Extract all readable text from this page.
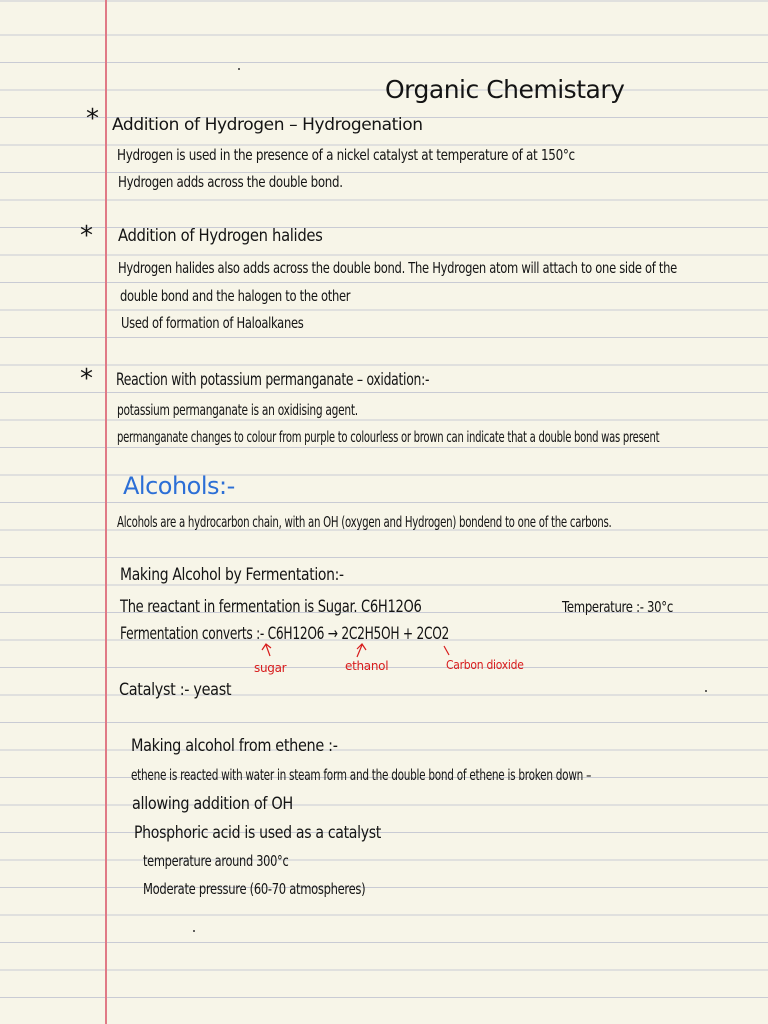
Organic Chemistary
* Addition of Hydrogen – Hydrogenation
Hydrogen is used in the presence of a nickel catalyst at temperature of at 150°c
Hydrogen adds across the double bond.
* Addition of Hydrogen halides
Hydrogen halides also adds across the double bond. The Hydrogen atom will attach to one side of the
double bond and the halogen to the other
Used of formation of Haloalkanes
* Reaction with potassium permanganate – oxidation:-
potassium permanganate is an oxidising agent.
permanganate changes to colour from purple to colourless or brown can indicate that a double bond was present
Alcohols:-
Alcohols are a hydrocarbon chain, with an OH (oxygen and Hydrogen) bondend to one of the carbons.
Making Alcohol by Fermentation:-
The reactant in fermentation is Sugar. C6H12O6	Temperature :- 30°c
Fermentation converts :- C6H12O6 → 2C2H5OH + 2CO2
sugar	ethanol	Carbon dioxide
Catalyst :- yeast
Making alcohol from ethene :-
ethene is reacted with water in steam form and the double bond of ethene is broken down –
allowing addition of OH
Phosphoric acid is used as a catalyst
temperature around 300°c
Moderate pressure (60-70 atmospheres)
